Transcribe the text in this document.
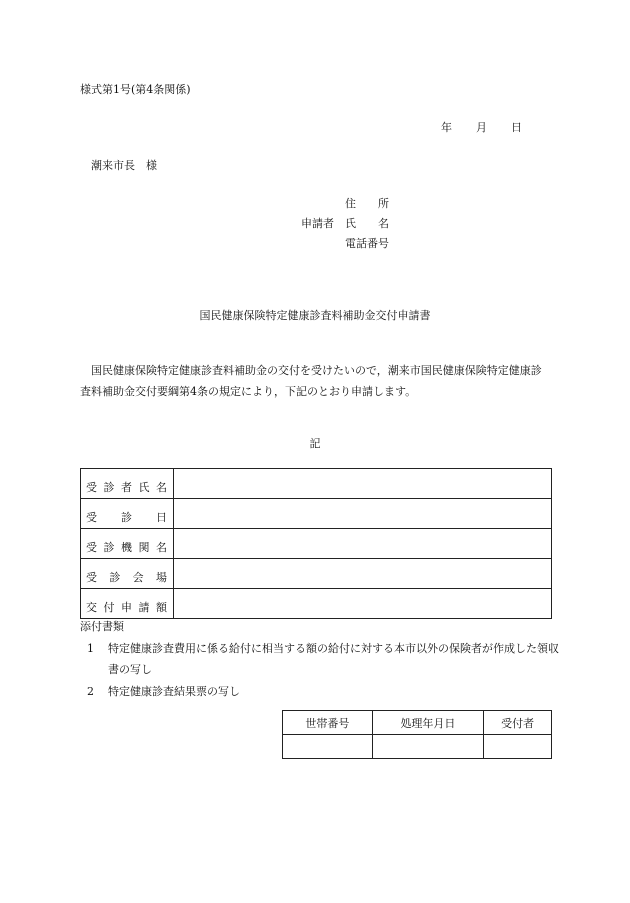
様式第1号(第4条関係)
年 月 日
潮来市長　様
	住　　所
申請者	氏　　名
	電話番号
国民健康保険特定健康診査料補助金交付申請書
国民健康保険特定健康診査料補助金の交付を受けたいので，潮来市国民健康保険特定健康診査料補助金交付要綱第4条の規定により，下記のとおり申請します。
記
受 診 者 氏 名	

受 診 日	

受 診 機 関 名	

受 診 会 場	

交 付 申 請 額	

添付書類
1 特定健康診査費用に係る給付に相当する額の給付に対する本市以外の保険者が作成した領収書の写し
2 特定健康診査結果票の写し
世帯番号	処理年月日	受付者
